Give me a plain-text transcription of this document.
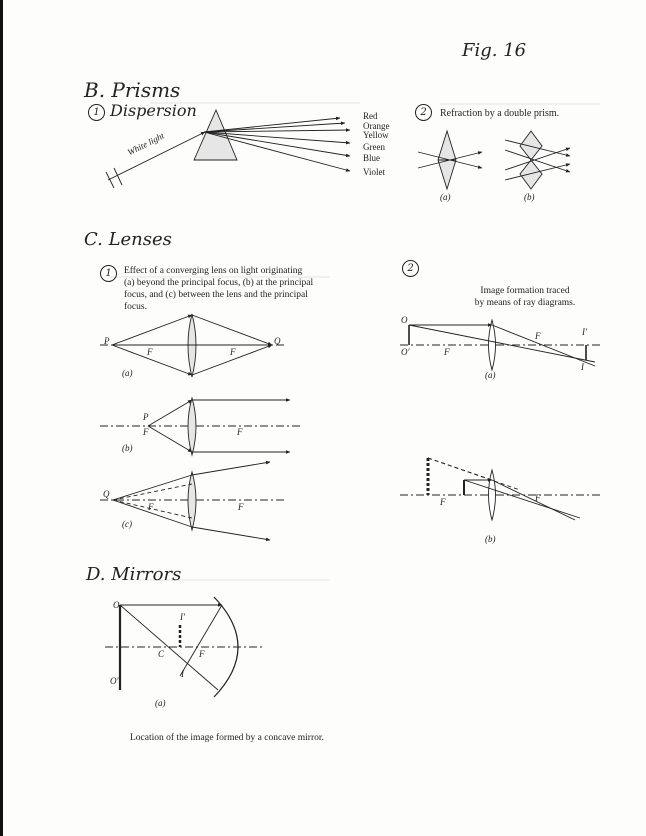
Fig. 16
B. Prisms
1 Dispersion
White light
Red
Orange
Yellow
Green
Blue
Violet
2	Refraction by a double prism.
(a)	(b)
C. Lenses
1	Effect of a converging lens on light originating
(a) beyond the principal focus, (b) at the principal
focus, and (c) between the lens and the principal
focus.
P
F	F
Q
(a)
P
F	F
(b)
Q
F	F
(c)
2
Image formation traced
by means of ray diagrams.
O
O′	F
F	I′
I
(a)
F	F
(b)
D. Mirrors
O
O′
I′
C	F
I
(a)
Location of the image formed by a concave mirror.
